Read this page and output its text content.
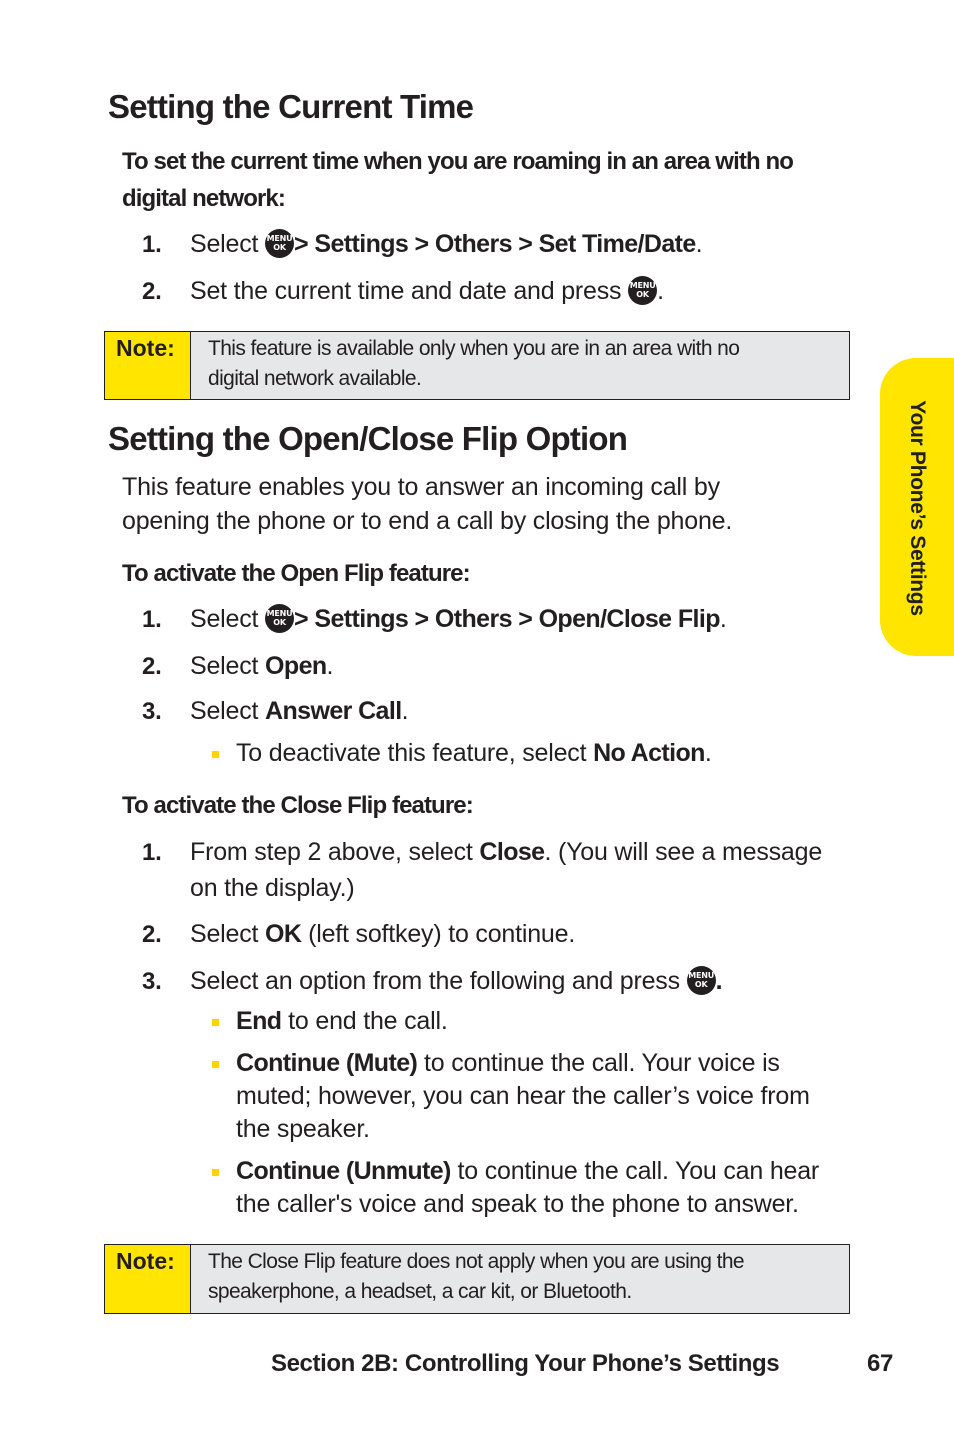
Your Phone’s Settings
Setting the Current Time
To set the current time when you are roaming in an area with no
digital network:
1. Select MENU
OK > Settings > Others > Set Time/Date.
2. Set the current time and date and press MENU
OK .
Note:	This feature is available only when you are in an area with no
digital network available.
Setting the Open/Close Flip Option
This feature enables you to answer an incoming call by
opening the phone or to end a call by closing the phone.
To activate the Open Flip feature:
1. Select MENU
OK > Settings > Others > Open/Close Flip.
2. Select Open.
3. Select Answer Call.
To deactivate this feature, select No Action.
To activate the Close Flip feature:
1. From step 2 above, select Close. (You will see a message
on the display.)
2. Select OK (left softkey) to continue.
3. Select an option from the following and press MENU
OK .
End to end the call.
Continue (Mute) to continue the call. Your voice is
muted; however, you can hear the caller’s voice from
the speaker.
Continue (Unmute) to continue the call. You can hear
the caller's voice and speak to the phone to answer.
Note:	The Close Flip feature does not apply when you are using the
speakerphone, a headset, a car kit, or Bluetooth.
Section 2B: Controlling Your Phone’s Settings	67
